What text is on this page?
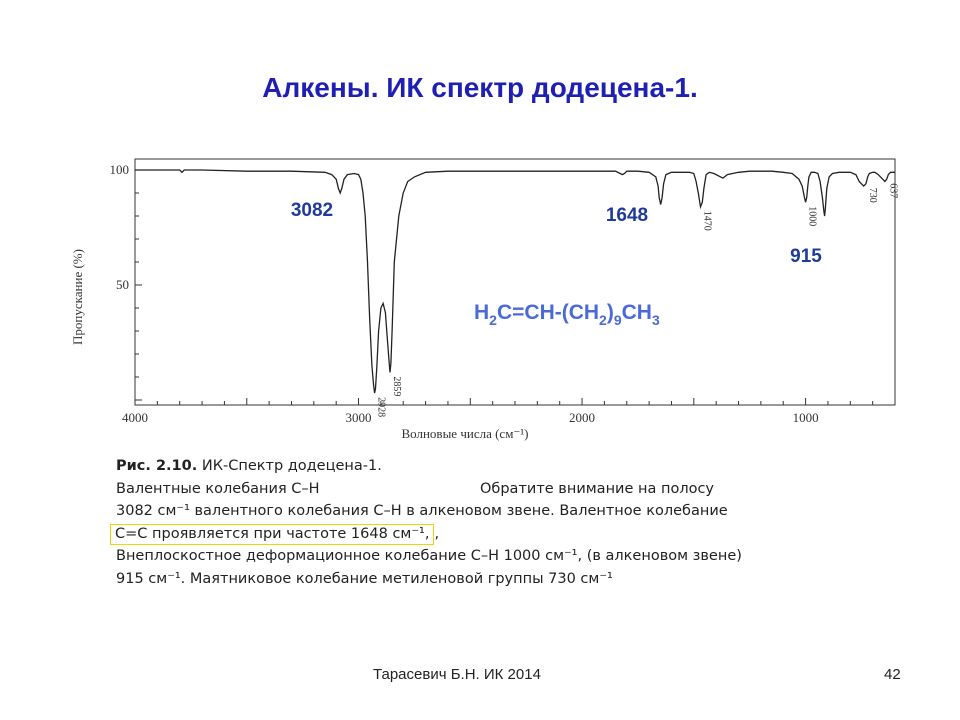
Алкены. ИК спектр додецена-1.
4000	3000	2000	1000
100
50
2928
2859
1470	1000
730 637
3082	1648
915
Волновые числа (см⁻¹)
Пропускание (%)	$H_2C=CH-(CH_2)_9CH_3$
Рис. 2.10. ИК-Спектр додецена-1.
Валентные колебания С–Н	Обратите внимание на полосу
3082 см⁻¹ валентного колебания С–Н в алкеновом звене. Валентное колебание
С=С проявляется при частоте 1648 см⁻¹, ,
Внеплоскостное деформационное колебание С–Н 1000 см⁻¹, (в алкеновом звене)
915 см⁻¹. Маятниковое колебание метиленовой группы 730 см⁻¹
Тарасевич Б.Н. ИК 2014	42
